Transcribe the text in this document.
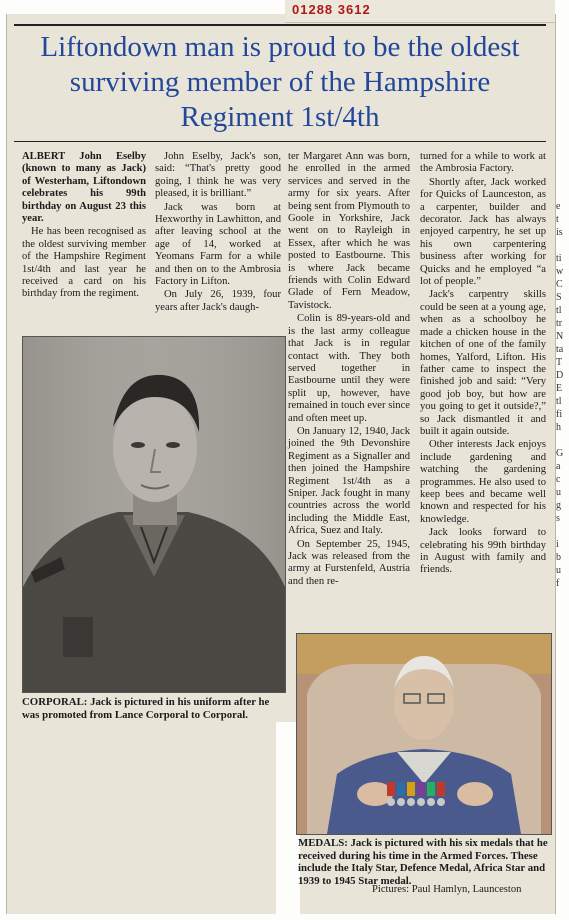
01288 3612
Liftondown man is proud to be the oldest surviving member of the Hampshire Regiment 1st/4th

ALBERT John Eselby (known to many as Jack) of Westerham, Liftondown celebrates his 99th birthday on August 23 this year.

He has been recognised as the oldest surviving member of the Hampshire Regiment 1st/4th and last year he received a card on his birthday from the regiment.

John Eselby, Jack's son, said: “That's pretty good going, I think he was very pleased, it is brilliant.”

Jack was born at Hexworthy in Lawhitton, and after leaving school at the age of 14, worked at Yeomans Farm for a while and then on to the Ambrosia Factory in Lifton.

On July 26, 1939, four years after Jack's daugh-

ter Margaret Ann was born, he enrolled in the armed services and served in the army for six years. After being sent from Plymouth to Goole in Yorkshire, Jack went on to Rayleigh in Essex, after which he was posted to Eastbourne. This is where Jack became friends with Colin Edward Glade of Fern Meadow, Tavistock.

Colin is 89-years-old and is the last army colleague that Jack is in regular contact with. They both served together in Eastbourne until they were split up, however, have remained in touch ever since and often meet up.

On January 12, 1940, Jack joined the 9th Devonshire Regiment as a Signaller and then joined the Hampshire Regiment 1st/4th as a Sniper. Jack fought in many countries across the world including the Middle East, Africa, Suez and Italy.

On September 25, 1945, Jack was released from the army at Furstenfeld, Austria and then re-

turned for a while to work at the Ambrosia Factory.

Shortly after, Jack worked for Quicks of Launceston, as a carpenter, builder and decorator. Jack has always enjoyed carpentry, he set up his own carpentering business after working for Quicks and he employed “a lot of people.”

Jack's carpentry skills could be seen at a young age, when as a schoolboy he made a chicken house in the kitchen of one of the family homes, Yalford, Lifton. His father came to inspect the finished job and said: “Very good job boy, but how are you going to get it outside?,” so Jack dismantled it and built it again outside.

Other interests Jack enjoys include gardening and watching the gardening programmes. He also used to keep bees and became well known and respected for his knowledge.

Jack looks forward to celebrating his 99th birthday in August with family and friends.

CORPORAL: Jack is pictured in his uniform after he was promoted from Lance Corporal to Corporal.
MEDALS: Jack is pictured with his six medals that he received during his time in the Armed Forces. These include the Italy Star, Defence Medal, Africa Star and 1939 to 1945 Star medal.
Pictures: Paul Hamlyn, Launceston
e
t
is

ti
w
C
S
tl
tr
N
ta
T
D
E
tl
fi
h

G
a
c
u
g
s

i
b
u
f
